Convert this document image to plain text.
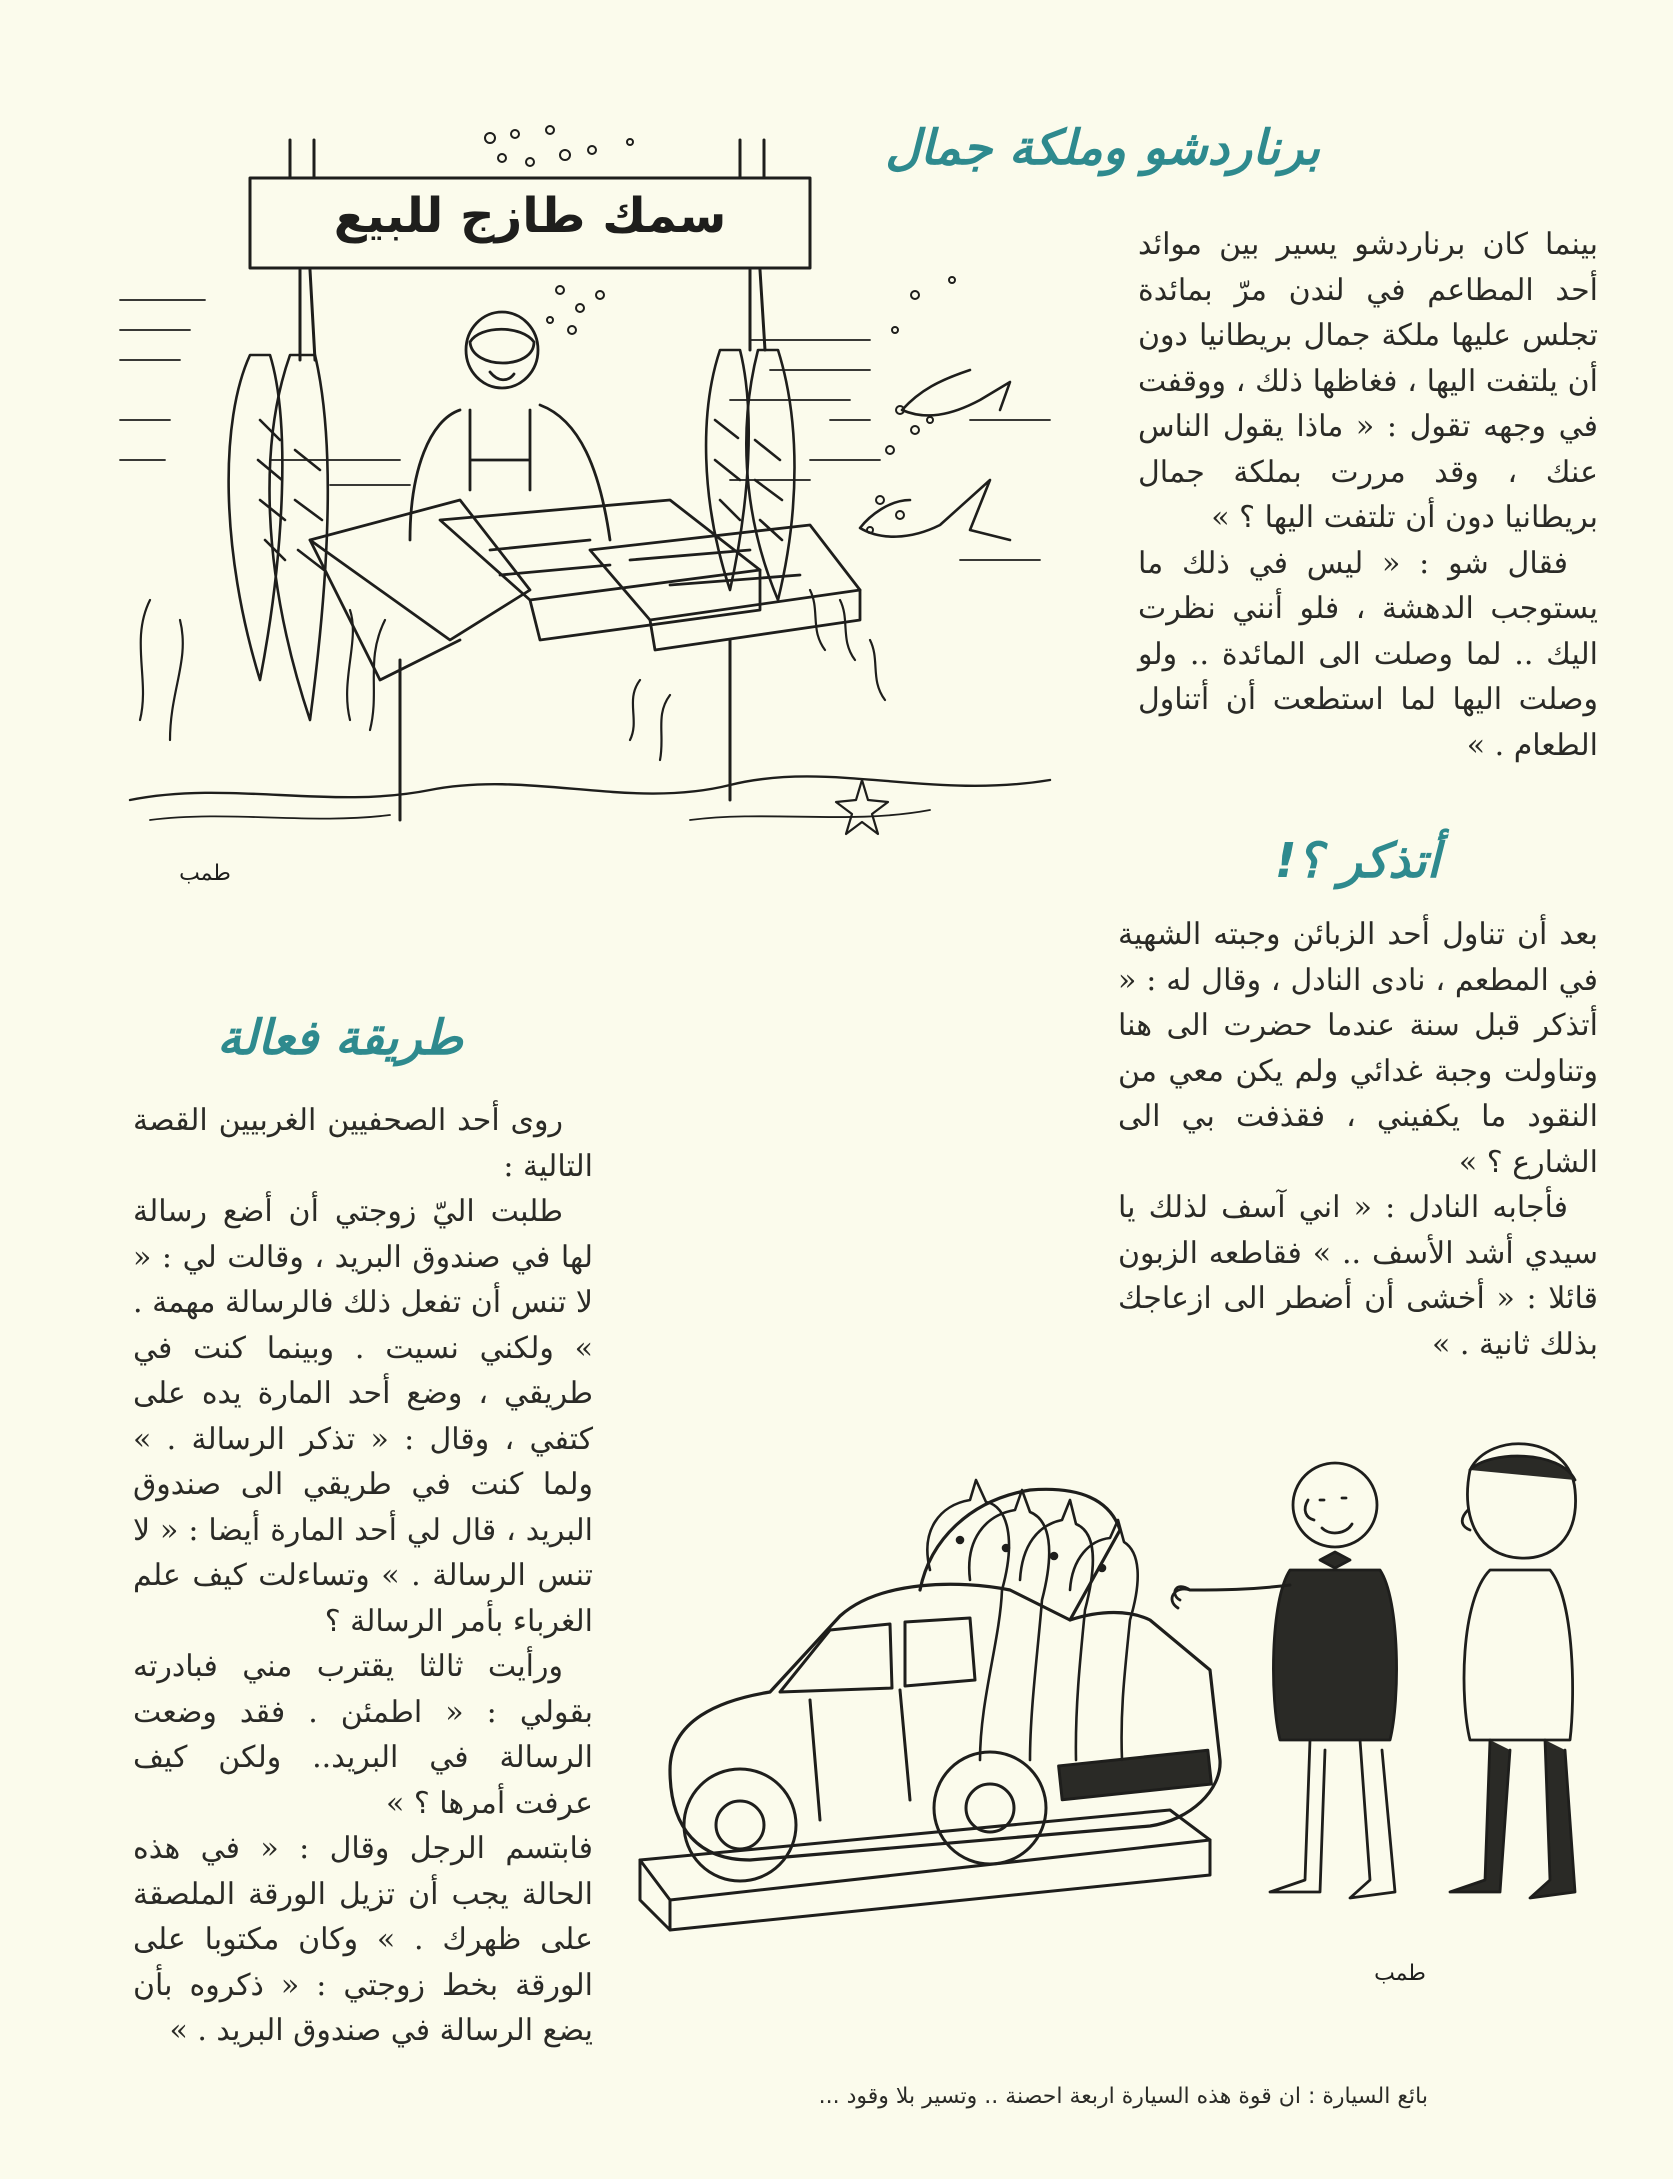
طمب
سمك طازج للبيع
برناردشو وملكة جمال

بينما كان برناردشو يسير بين موائد أحد المطاعم في لندن مرّ بمائدة تجلس عليها ملكة جمال بريطانيا دون أن يلتفت اليها ، فغاظها ذلك ، ووقفت في وجهه تقول : « ماذا يقول الناس عنك ، وقد مررت بملكة جمال بريطانيا دون أن تلتفت اليها ؟ »

فقال شو : « ليس في ذلك ما يستوجب الدهشة ، فلو أنني نظرت اليك .. لما وصلت الى المائدة .. ولو وصلت اليها لما استطعت أن أتناول الطعام . »

أتذكر ؟!

بعد أن تناول أحد الزبائن وجبته الشهية في المطعم ، نادى النادل ، وقال له : « أتذكر قبل سنة عندما حضرت الى هنا وتناولت وجبة غدائي ولم يكن معي من النقود ما يكفيني ، فقذفت بي الى الشارع ؟ »

فأجابه النادل : « اني آسف لذلك يا سيدي أشد الأسف .. » فقاطعه الزبون قائلا : « أخشى أن أضطر الى ازعاجك بذلك ثانية . »

طريقة فعالة

روى أحد الصحفيين الغربيين القصة التالية :

طلبت اليّ زوجتي أن أضع رسالة لها في صندوق البريد ، وقالت لي : « لا تنس أن تفعل ذلك فالرسالة مهمة . » ولكني نسيت . وبينما كنت في طريقي ، وضع أحد المارة يده على كتفي ، وقال : « تذكر الرسالة . » ولما كنت في طريقي الى صندوق البريد ، قال لي أحد المارة أيضا : « لا تنس الرسالة . » وتساءلت كيف علم الغرباء بأمر الرسالة ؟

ورأيت ثالثا يقترب مني فبادرته بقولي : « اطمئن . فقد وضعت الرسالة في البريد.. ولكن كيف عرفت أمرها ؟ »

فابتسم الرجل وقال : « في هذه الحالة يجب أن تزيل الورقة الملصقة على ظهرك . » وكان مكتوبا على الورقة بخط زوجتي : « ذكروه بأن يضع الرسالة في صندوق البريد . »

طمب
بائع السيارة : ان قوة هذه السيارة اربعة احصنة .. وتسير بلا وقود ...
